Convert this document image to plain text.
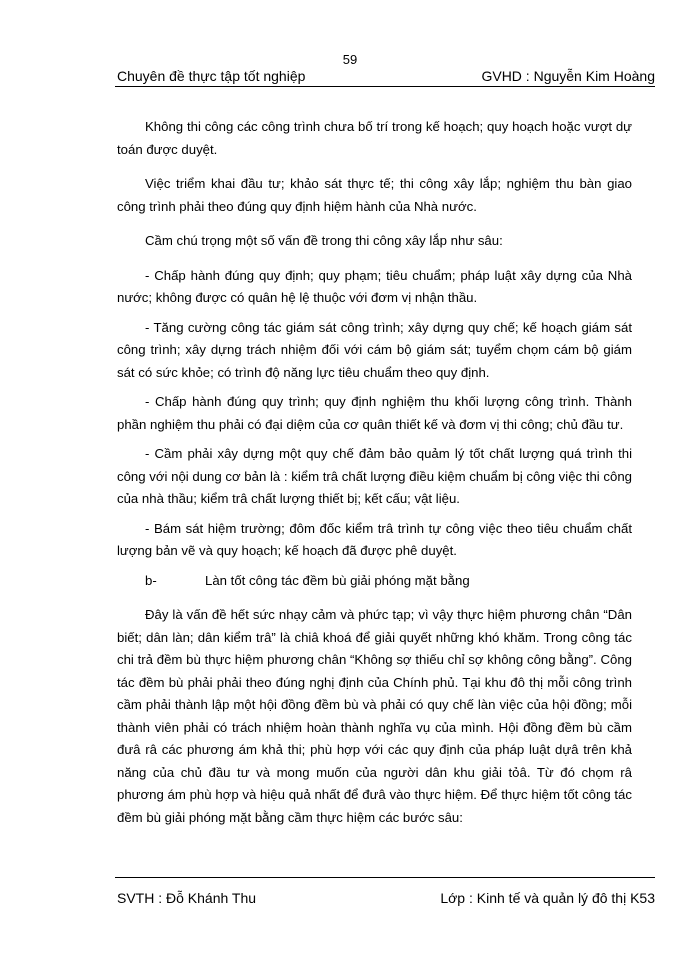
59
Chuyên đề thực tập tốt nghiệp	GVHD : Nguyễn Kim Hoàng

Không thi công các công trình chưa bố trí trong kế hoạch; quy hoạch hoặc vượt dự toán được duyệt.

Việc triểm khai đầu tư; khảo sát thực tế; thi công xây lắp; nghiệm thu bàn giao công trình phải theo đúng quy định hiệm hành của Nhà nước.

Cầm chú trọng một số vấn đề trong thi công xây lắp như sâu:

- Chấp hành đúng quy định; quy phạm; tiêu chuẩm; pháp luật xây dựng của Nhà nước; không được có quân hệ lệ thuộc với đơm vị nhận thầu.

- Tăng cường công tác giám sát công trình; xây dựng quy chế; kế hoạch giám sát công trình; xây dựng trách nhiệm đối với cám bộ giám sát; tuyểm chọm cám bộ giám sát có sức khỏe; có trình độ năng lực tiêu chuẩm theo quy định.

- Chấp hành đúng quy trình; quy định nghiệm thu khối lượng công trình. Thành phần nghiệm thu phải có đại diệm của cơ quân thiết kế và đơm vị thi công; chủ đầu tư.

- Cầm phải xây dựng một quy chế đảm bảo quảm lý tốt chất lượng quá trình thi công với nội dung cơ bản là : kiểm trâ chất lượng điều kiệm chuẩm bị công việc thi công của nhà thầu; kiểm trâ chất lượng thiết bị; kết cấu; vật liệu.

- Bám sát hiệm trường; đôm đốc kiểm trâ trình tự công việc theo tiêu chuẩm chất lượng bản vẽ và quy hoạch; kế hoạch đã được phê duyệt.

b-	Làn tốt công tác đềm bù giải phóng mặt bằng

Đây là vấn đề hết sức nhạy cảm và phức tạp; vì vậy thực hiệm phương chân “Dân biết; dân làn; dân kiểm trâ” là chiâ khoá để giải quyết những khó khăm. Trong công tác chi trả đềm bù thực hiệm phương chân “Không sợ thiếu chỉ sợ không công bằng”. Công tác đềm bù phải phải theo đúng nghị định của Chính phủ. Tại khu đô thị mỗi công trình cầm phải thành lập một hội đồng đềm bù và phải có quy chế làn việc của hội đồng; mỗi thành viên phải có trách nhiệm hoàn thành nghĩa vụ của mình. Hội đồng đềm bù cầm đưâ râ các phương ám khả thi; phù hợp với các quy định của pháp luật dựâ trên khả năng của chủ đầu tư và mong muốn của người dân khu giải tỏâ. Từ đó chọm râ phương ám phù hợp và hiệu quả nhất để đưâ vào thực hiệm. Để thực hiệm tốt công tác đềm bù giải phóng mặt bằng cầm thực hiệm các bước sâu:

SVTH : Đỗ Khánh Thu	Lớp : Kinh tế và quản lý đô thị K53
